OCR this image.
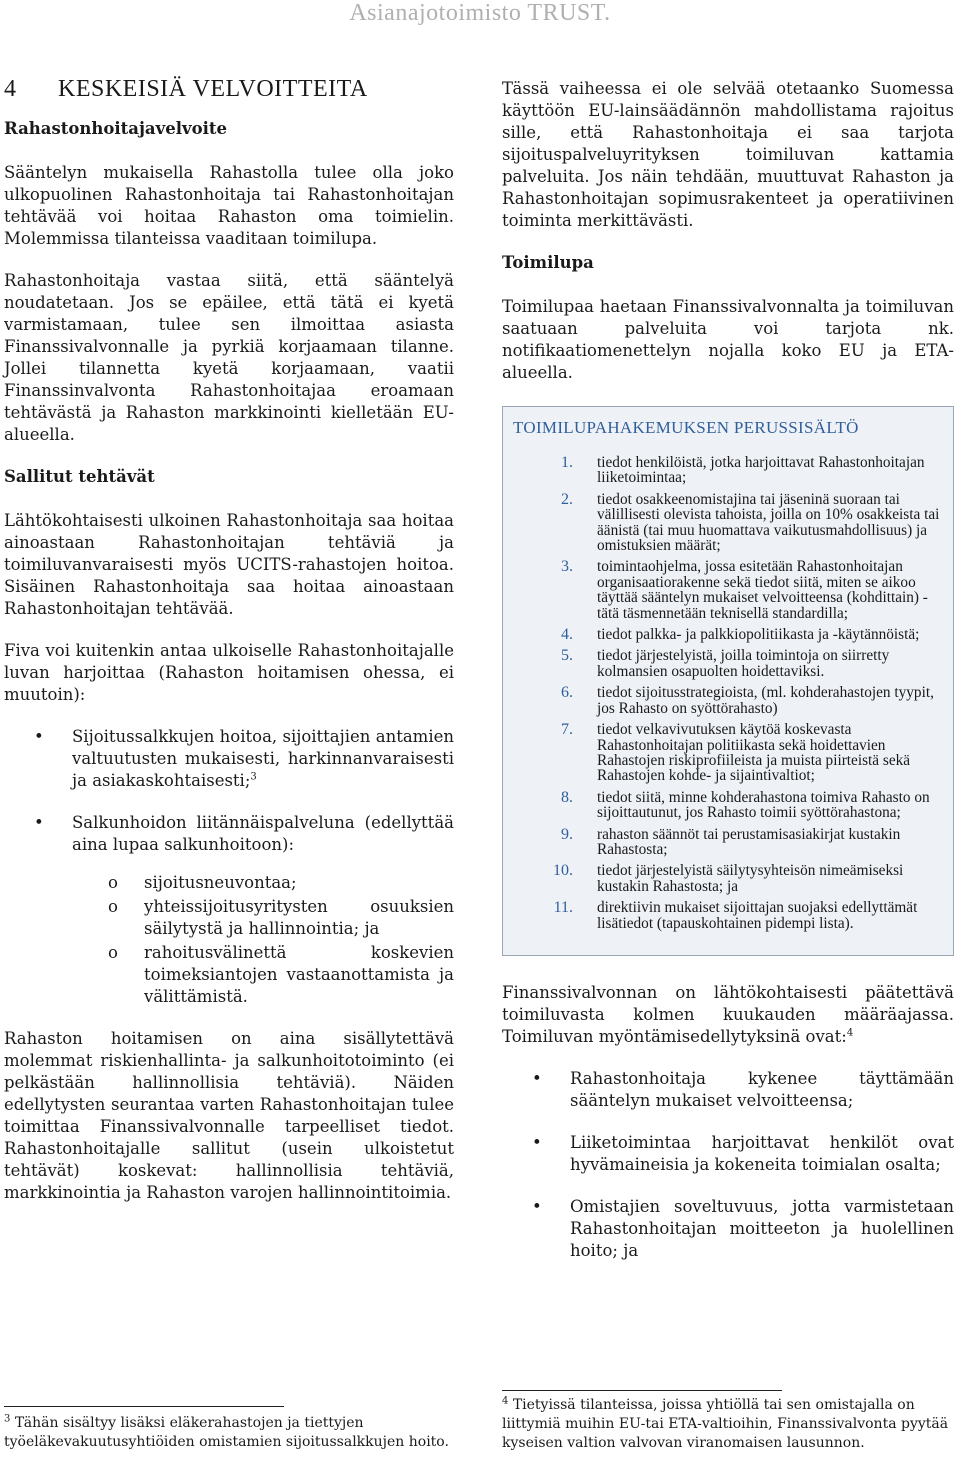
Asianajotoimisto TRUST.
4 KESKEISIÄ VELVOITTEITA
Rahastonhoitajavelvoite

Sääntelyn mukaisella Rahastolla tulee olla joko ulkopuolinen Rahastonhoitaja tai Rahastonhoitajan tehtävää voi hoitaa Rahaston oma toimielin. Molemmissa tilanteissa vaaditaan toimilupa.

Rahastonhoitaja vastaa siitä, että sääntelyä noudatetaan. Jos se epäilee, että tätä ei kyetä varmistamaan, tulee sen ilmoittaa asiasta Finanssivalvonnalle ja pyrkiä korjaamaan tilanne. Jollei tilannetta kyetä korjaamaan, vaatii Finanssinvalvonta Rahastonhoitajaa eroamaan tehtävästä ja Rahaston markkinointi kielletään EU-alueella.

Sallitut tehtävät

Lähtökohtaisesti ulkoinen Rahastonhoitaja saa hoitaa ainoastaan Rahastonhoitajan tehtäviä ja toimiluvanvaraisesti myös UCITS-rahastojen hoitoa. Sisäinen Rahastonhoitaja saa hoitaa ainoastaan Rahastonhoitajan tehtävää.

Fiva voi kuitenkin antaa ulkoiselle Rahastonhoitajalle luvan harjoittaa (Rahaston hoitamisen ohessa, ei muutoin):

• Sijoitussalkkujen hoitoa, sijoittajien antamien valtuutusten mukaisesti, harkinnanvaraisesti ja asiakaskohtaisesti;$^3$
• Salkunhoidon liitännäispalveluna (edellyttää aina lupaa salkunhoitoon):
o sijoitusneuvontaa;
o yhteissijoitusyritysten osuuksien säilytystä ja hallinnointia; ja
o rahoitusvälinettä koskevien toimeksiantojen vastaanottamista ja välittämistä.

Rahaston hoitamisen on aina sisällytettävä molemmat riskienhallinta- ja salkunhoitotoiminto (ei pelkästään hallinnollisia tehtäviä). Näiden edellytysten seurantaa varten Rahastonhoitajan tulee toimittaa Finanssivalvonnalle tarpeelliset tiedot. Rahastonhoitajalle sallitut (usein ulkoistetut tehtävät) koskevat: hallinnollisia tehtäviä, markkinointia ja Rahaston varojen hallinnointitoimia.

Tässä vaiheessa ei ole selvää otetaanko Suomessa käyttöön EU-lainsäädännön mahdollistama rajoitus sille, että Rahastonhoitaja ei saa tarjota sijoituspalveluyrityksen toimiluvan kattamia palveluita. Jos näin tehdään, muuttuvat Rahaston ja Rahastonhoitajan sopimusrakenteet ja operatiivinen toiminta merkittävästi.

Toimilupa

Toimilupaa haetaan Finanssivalvonnalta ja toimiluvan saatuaan palveluita voi tarjota nk. notifikaatiomenettelyn nojalla koko EU ja ETA-alueella.

TOIMILUPAHAKEMUKSEN PERUSSISÄLTÖ
1. tiedot henkilöistä, jotka harjoittavat Rahastonhoitajan liiketoimintaa;
2. tiedot osakkeenomistajina tai jäseninä suoraan tai välillisesti olevista tahoista, joilla on 10% osakkeista tai äänistä (tai muu huomattava vaikutusmahdollisuus) ja omistuksien määrät;
3. toimintaohjelma, jossa esitetään Rahastonhoitajan organisaatiorakenne sekä tiedot siitä, miten se aikoo täyttää sääntelyn mukaiset velvoitteensa (kohdittain) - tätä täsmennetään teknisellä standardilla;
4. tiedot palkka- ja palkkiopolitiikasta ja -käytännöistä;
5. tiedot järjestelyistä, joilla toimintoja on siirretty kolmansien osapuolten hoidettaviksi.
6. tiedot sijoitusstrategioista, (ml. kohderahastojen tyypit, jos Rahasto on syöttörahasto)
7. tiedot velkavivutuksen käytöä koskevasta Rahastonhoitajan politiikasta sekä hoidettavien Rahastojen riskiprofiileista ja muista piirteistä sekä Rahastojen kohde- ja sijaintivaltiot;
8. tiedot siitä, minne kohderahastona toimiva Rahasto on sijoittautunut, jos Rahasto toimii syöttörahastona;
9. rahaston säännöt tai perustamisasiakirjat kustakin Rahastosta;
10. tiedot järjestelyistä säilytysyhteisön nimeämiseksi kustakin Rahastosta; ja
11. direktiivin mukaiset sijoittajan suojaksi edellyttämät lisätiedot (tapauskohtainen pidempi lista).

Finanssivalvonnan on lähtökohtaisesti päätettävä toimiluvasta kolmen kuukauden määräajassa. Toimiluvan myöntämisedellytyksinä ovat:$^4$

• Rahastonhoitaja kykenee täyttämään sääntelyn mukaiset velvoitteensa;
• Liiketoimintaa harjoittavat henkilöt ovat hyvämaineisia ja kokeneita toimialan osalta;
• Omistajien soveltuvuus, jotta varmistetaan Rahastonhoitajan moitteeton ja huolellinen hoito; ja
$^3$ Tähän sisältyy lisäksi eläkerahastojen ja tiettyjen työeläkevakuutusyhtiöiden omistamien sijoitussalkkujen hoito.
$^4$ Tietyissä tilanteissa, joissa yhtiöllä tai sen omistajalla on liittymiä muihin EU-tai ETA-valtioihin, Finanssivalvonta pyytää kyseisen valtion valvovan viranomaisen lausunnon.
